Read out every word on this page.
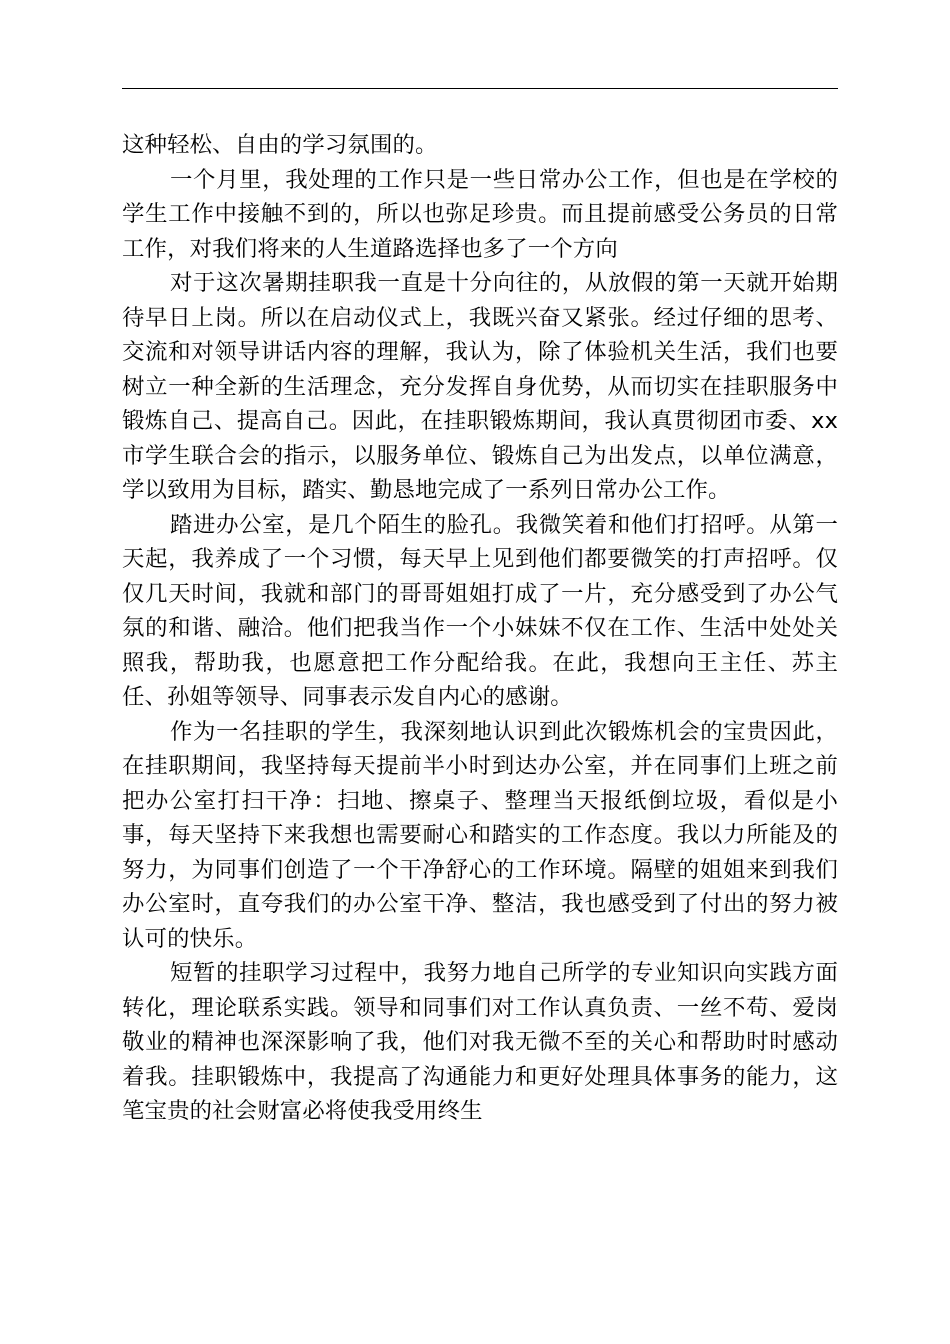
这种轻松、自由的学习氛围的。

一个月里，我处理的工作只是一些日常办公工作，但也是在学校的学生工作中接触不到的，所以也弥足珍贵。而且提前感受公务员的日常工作，对我们将来的人生道路选择也多了一个方向

对于这次暑期挂职我一直是十分向往的，从放假的第一天就开始期待早日上岗。所以在启动仪式上，我既兴奋又紧张。经过仔细的思考、交流和对领导讲话内容的理解，我认为，除了体验机关生活，我们也要树立一种全新的生活理念，充分发挥自身优势，从而切实在挂职服务中锻炼自己、提高自己。因此，在挂职锻炼期间，我认真贯彻团市委、xx 市学生联合会的指示，以服务单位、锻炼自己为出发点，以单位满意，学以致用为目标，踏实、勤恳地完成了一系列日常办公工作。

踏进办公室，是几个陌生的脸孔。我微笑着和他们打招呼。从第一天起，我养成了一个习惯，每天早上见到他们都要微笑的打声招呼。仅仅几天时间，我就和部门的哥哥姐姐打成了一片，充分感受到了办公气氛的和谐、融洽。他们把我当作一个小妹妹不仅在工作、生活中处处关照我，帮助我，也愿意把工作分配给我。在此，我想向王主任、苏主任、孙姐等领导、同事表示发自内心的感谢。

作为一名挂职的学生，我深刻地认识到此次锻炼机会的宝贵因此，在挂职期间，我坚持每天提前半小时到达办公室，并在同事们上班之前把办公室打扫干净：扫地、擦桌子、整理当天报纸倒垃圾，看似是小事，每天坚持下来我想也需要耐心和踏实的工作态度。我以力所能及的努力，为同事们创造了一个干净舒心的工作环境。隔壁的姐姐来到我们办公室时，直夸我们的办公室干净、整洁，我也感受到了付出的努力被认可的快乐。

短暂的挂职学习过程中，我努力地自己所学的专业知识向实践方面转化，理论联系实践。领导和同事们对工作认真负责、一丝不苟、爱岗敬业的精神也深深影响了我，他们对我无微不至的关心和帮助时时感动着我。挂职锻炼中，我提高了沟通能力和更好处理具体事务的能力，这笔宝贵的社会财富必将使我受用终生
